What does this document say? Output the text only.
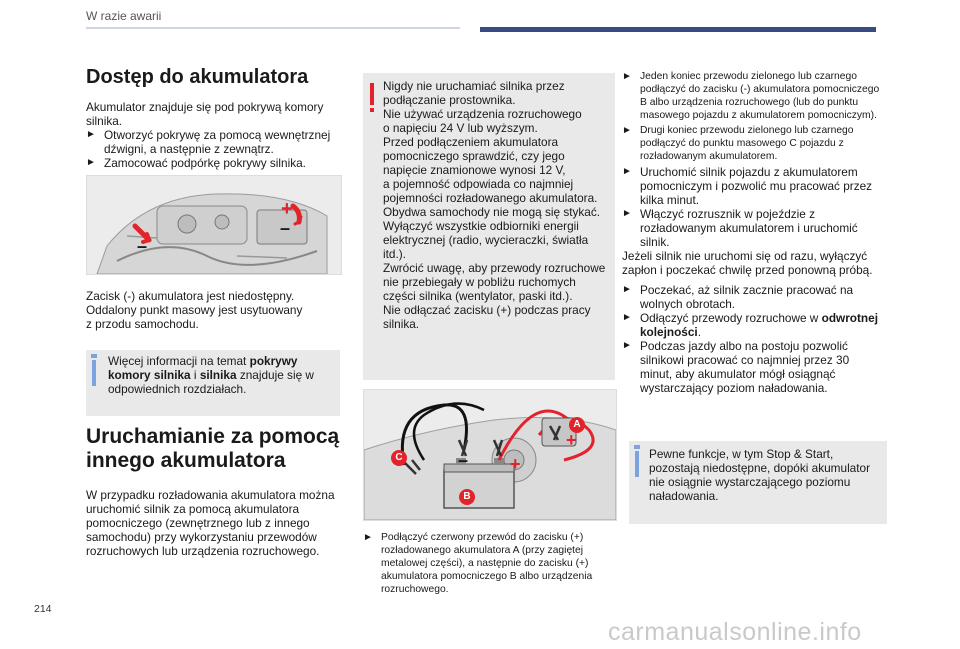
W razie awarii
Dostęp do akumulatora
Akumulator znajduje się pod pokrywą komory silnika.
► Otworzyć pokrywę za pomocą wewnętrznej dźwigni, a następnie z zewnątrz.
► Zamocować podpórkę pokrywy silnika.
–
+
–
Zacisk (-) akumulatora jest niedostępny.
Oddalony punkt masowy jest usytuowany
z przodu samochodu.
Więcej informacji na temat pokrywy komory silnika i silnika znajduje się w odpowiednich rozdziałach.
Uruchamianie za pomocą
innego akumulatora
W przypadku rozładowania akumulatora można uruchomić silnik za pomocą akumulatora pomocniczego (zewnętrznego lub z innego samochodu) przy wykorzystaniu przewodów rozruchowych lub urządzenia rozruchowego.
Nigdy nie uruchamiać silnika przez
podłączanie prostownika.
Nie używać urządzenia rozruchowego
o napięciu 24 V lub wyższym.
Przed podłączeniem akumulatora
pomocniczego sprawdzić, czy jego
napięcie znamionowe wynosi 12 V,
a pojemność odpowiada co najmniej
pojemności rozładowanego akumulatora.
Obydwa samochody nie mogą się stykać.
Wyłączyć wszystkie odbiorniki energii
elektrycznej (radio, wycieraczki, światła
itd.).
Zwrócić uwagę, aby przewody rozruchowe
nie przebiegały w pobliżu ruchomych
części silnika (wentylator, paski itd.).
Nie odłączać zacisku (+) podczas pracy
silnika.
C
B
A
– +
+
► Podłączyć czerwony przewód do zacisku (+) rozładowanego akumulatora A (przy zagiętej metalowej części), a następnie do zacisku (+) akumulatora pomocniczego B albo urządzenia rozruchowego.
► Jeden koniec przewodu zielonego lub czarnego podłączyć do zacisku (-) akumulatora pomocniczego B albo urządzenia rozruchowego (lub do punktu masowego pojazdu z akumulatorem pomocniczym).
► Drugi koniec przewodu zielonego lub czarnego podłączyć do punktu masowego C pojazdu z rozładowanym akumulatorem.
► Uruchomić silnik pojazdu z akumulatorem pomocniczym i pozwolić mu pracować przez kilka minut.
► Włączyć rozrusznik w pojeździe z rozładowanym akumulatorem i uruchomić silnik.
Jeżeli silnik nie uruchomi się od razu, wyłączyć zapłon i poczekać chwilę przed ponowną próbą.
► Poczekać, aż silnik zacznie pracować na wolnych obrotach.
► Odłączyć przewody rozruchowe w odwrotnej kolejności.
► Podczas jazdy albo na postoju pozwolić silnikowi pracować co najmniej przez 30 minut, aby akumulator mógł osiągnąć wystarczający poziom naładowania.
Pewne funkcje, w tym Stop & Start, pozostają niedostępne, dopóki akumulator nie osiągnie wystarczającego poziomu naładowania.
214
carmanualsonline.info
